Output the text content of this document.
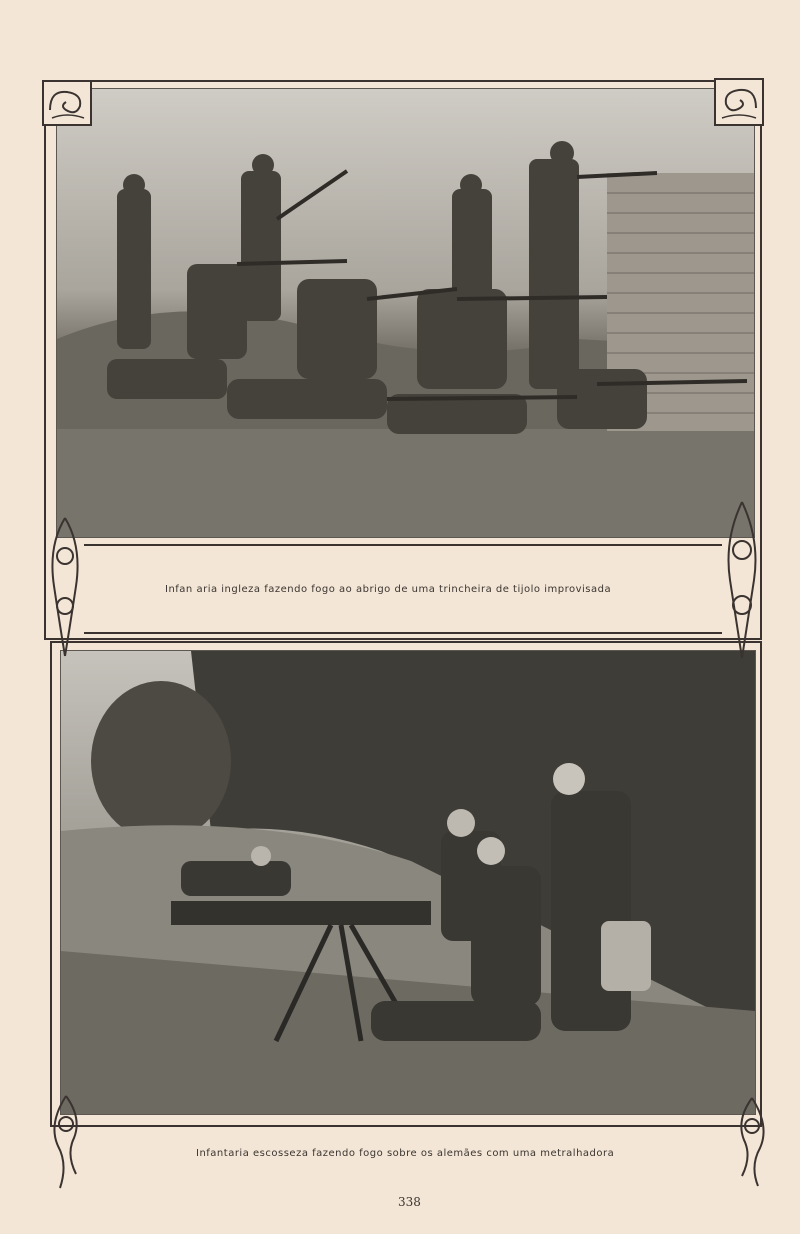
Infan aria ingleza fazendo fogo ao abrigo de uma trincheira de tijolo improvisada
Infantaria escosseza fazendo fogo sobre os alemães com uma metralhadora
338
